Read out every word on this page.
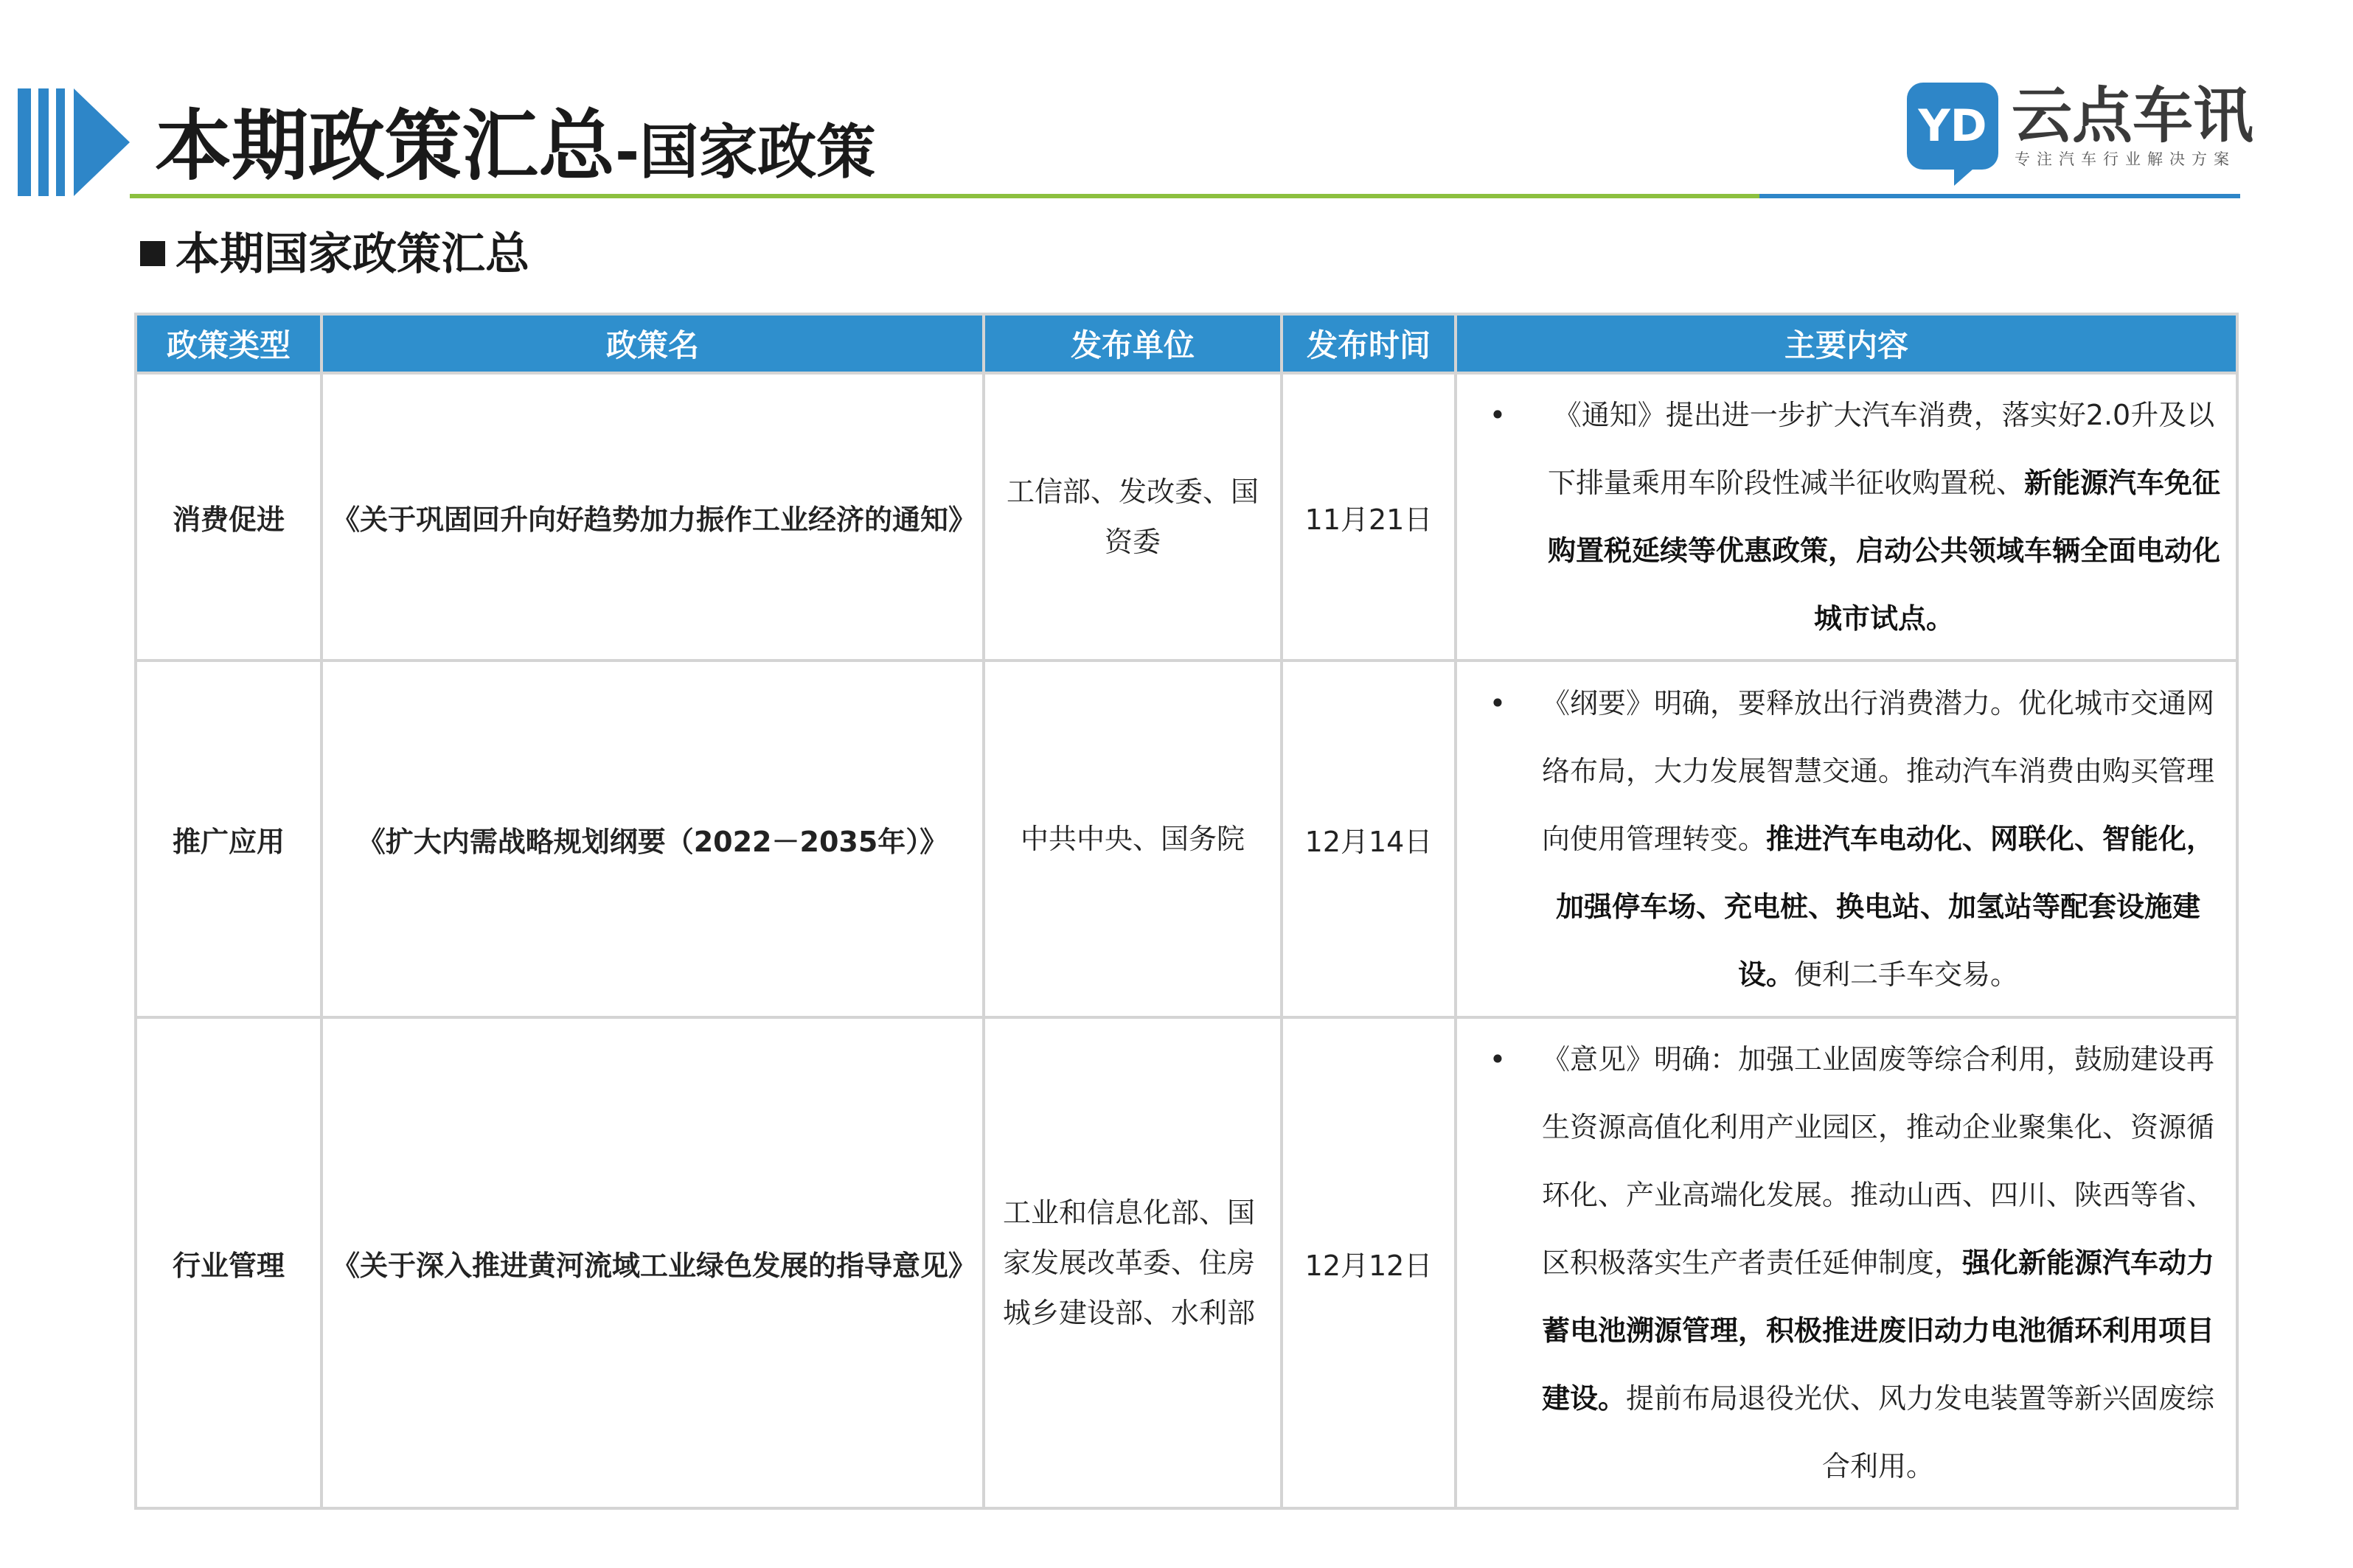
本期政策汇总-国家政策	YD 云点车讯
专注汽车行业解决方案
本期国家政策汇总
政策类型	政策名	发布单位	发布时间	主要内容
消费促进	《关于巩固回升向好趋势加力振作工业经济的通知》	工信部、发改委、国资委	11月21日	• 《通知》提出进一步扩大汽车消费，落实好2.0升及以下排量乘用车阶段性减半征收购置税、新能源汽车免征购置税延续等优惠政策，启动公共领域车辆全面电动化城市试点。

推广应用	《扩大内需战略规划纲要（2022－2035年）》	中共中央、国务院	12月14日	• 《纲要》明确，要释放出行消费潜力。优化城市交通网络布局，大力发展智慧交通。推动汽车消费由购买管理向使用管理转变。推进汽车电动化、网联化、智能化，加强停车场、充电桩、换电站、加氢站等配套设施建设。便利二手车交易。

行业管理	《关于深入推进黄河流域工业绿色发展的指导意见》	工业和信息化部、国家发展改革委、住房城乡建设部、水利部	12月12日	• 《意见》明确：加强工业固废等综合利用，鼓励建设再生资源高值化利用产业园区，推动企业聚集化、资源循环化、产业高端化发展。推动山西、四川、陕西等省、区积极落实生产者责任延伸制度，强化新能源汽车动力蓄电池溯源管理，积极推进废旧动力电池循环利用项目建设。提前布局退役光伏、风力发电装置等新兴固废综合利用。
